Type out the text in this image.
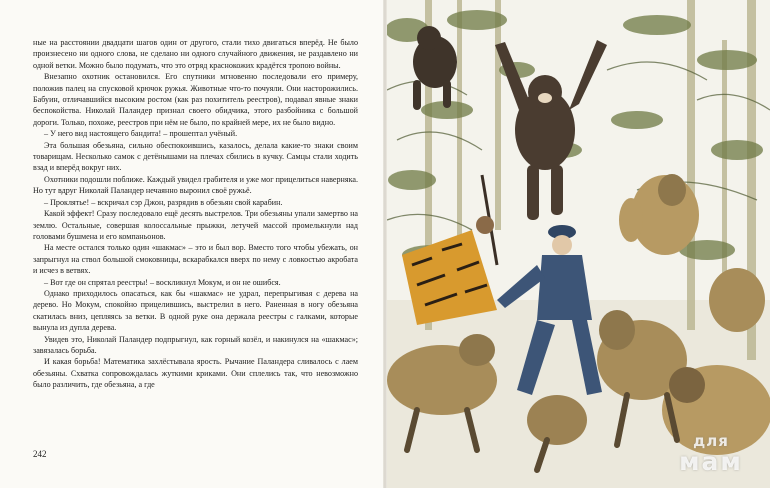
ные на расстоянии двадцати шагов один от другого, стали тихо двигаться вперёд. Не было произнесено ни одного слова, не сделано ни одного случайного движения, не раздавлено ни одной ветки. Можно было подумать, что это отряд краснокожих крадётся тропою войны.

Внезапно охотник остановился. Его спутники мгновенно последовали его примеру, положив палец на спусковой крючок ружья. Животные что-то почуяли. Они насторожились. Бабуин, отличавшийся высоким ростом (как раз похититель реестров), подавал явные знаки беспокойства. Николай Паландер признал своего обидчика, этого разбойника с большой дороги. Только, похоже, реестров при нём не было, по крайней мере, их не было видно.

– У него вид настоящего бандита! – прошептал учёный.

Эта большая обезьяна, сильно обеспокоившись, казалось, делала какие-то знаки своим товарищам. Несколько самок с детёнышами на плечах сбились в кучку. Самцы стали ходить взад и вперёд вокруг них.

Охотники подошли поближе. Каждый увидел грабителя и уже мог прицелиться наверняка. Но тут вдруг Николай Паландер нечаянно выронил своё ружьё.

– Проклятье! – вскричал сэр Джон, разрядив в обезьян свой карабин.

Какой эффект! Сразу последовало ещё десять выстрелов. Три обезьяны упали замертво на землю. Остальные, совершая колоссальные прыжки, летучей массой промелькнули над головами бушмена и его компаньонов.

На месте остался только один «шакмас» – это и был вор. Вместо того чтобы убежать, он запрыгнул на ствол большой смоковницы, вскарабкался вверх по нему с ловкостью акробата и исчез в ветвях.

– Вот где он спрятал реестры! – воскликнул Мокум, и он не ошибся.

Однако приходилось опасаться, как бы «шакмас» не удрал, перепрыгивая с дерева на дерево. Но Мокум, спокойно прицелившись, выстрелил в него. Раненная в ногу обезьяна скатилась вниз, цепляясь за ветки. В одной руке она держала реестры с галками, которые вынула из дупла дерева.

Увидев это, Николай Паландер подпрыгнул, как горный козёл, и накинулся на «шакмас»; завязалась борьба.

И какая борьба! Математика захлёстывала ярость. Рычание Паландера сливалось с лаем обезьяны. Схватка сопровождалась жуткими криками. Они сплелись так, что невозможно было различить, где обезьяна, а где

242
для
мам
